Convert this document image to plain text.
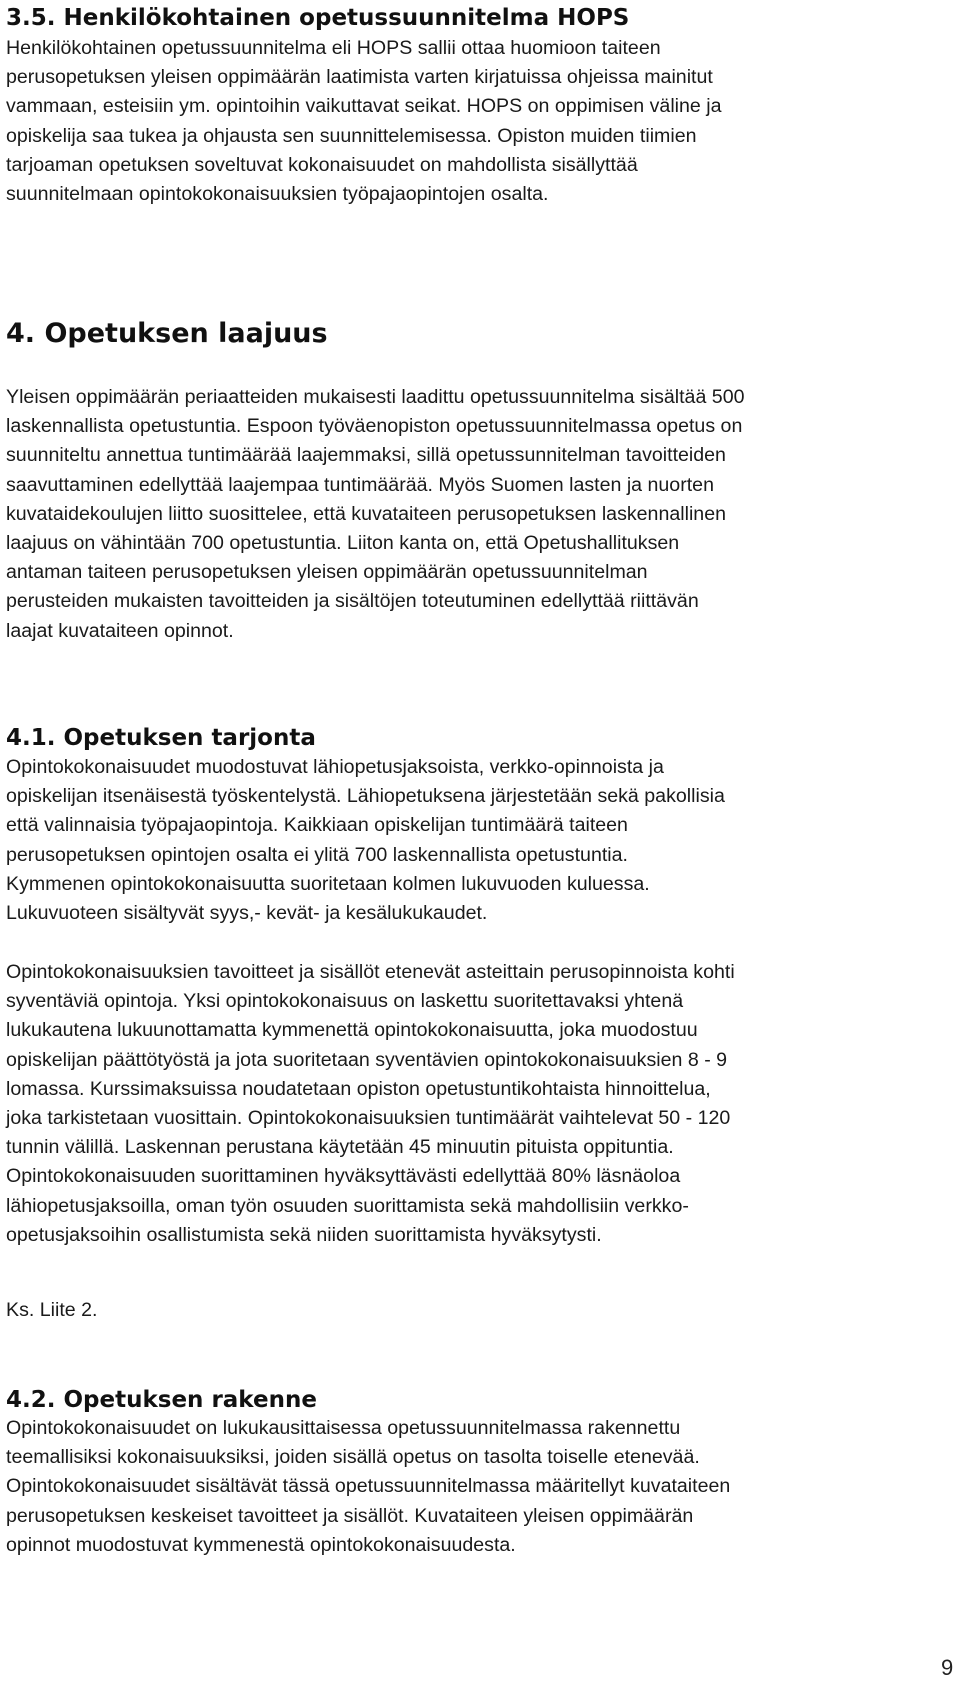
3.5. Henkilökohtainen opetussuunnitelma HOPS

Henkilökohtainen opetussuunnitelma eli HOPS sallii ottaa huomioon taiteen
perusopetuksen yleisen oppimäärän laatimista varten kirjatuissa ohjeissa mainitut
vammaan, esteisiin ym. opintoihin vaikuttavat seikat. HOPS on oppimisen väline ja
opiskelija saa tukea ja ohjausta sen suunnittelemisessa. Opiston muiden tiimien
tarjoaman opetuksen soveltuvat kokonaisuudet on mahdollista sisällyttää
suunnitelmaan opintokokonaisuuksien työpajaopintojen osalta.

4. Opetuksen laajuus

Yleisen oppimäärän periaatteiden mukaisesti laadittu opetussuunnitelma sisältää 500
laskennallista opetustuntia. Espoon työväenopiston opetussuunnitelmassa opetus on
suunniteltu annettua tuntimäärää laajemmaksi, sillä opetussunnitelman tavoitteiden
saavuttaminen edellyttää laajempaa tuntimäärää. Myös Suomen lasten ja nuorten
kuvataidekoulujen liitto suosittelee, että kuvataiteen perusopetuksen laskennallinen
laajuus on vähintään 700 opetustuntia. Liiton kanta on, että Opetushallituksen
antaman taiteen perusopetuksen yleisen oppimäärän opetussuunnitelman
perusteiden mukaisten tavoitteiden ja sisältöjen toteutuminen edellyttää riittävän
laajat kuvataiteen opinnot.

4.1. Opetuksen tarjonta

Opintokokonaisuudet muodostuvat lähiopetusjaksoista, verkko-opinnoista ja
opiskelijan itsenäisestä työskentelystä. Lähiopetuksena järjestetään sekä pakollisia
että valinnaisia työpajaopintoja. Kaikkiaan opiskelijan tuntimäärä taiteen
perusopetuksen opintojen osalta ei ylitä 700 laskennallista opetustuntia.
Kymmenen opintokokonaisuutta suoritetaan kolmen lukuvuoden kuluessa.
Lukuvuoteen sisältyvät syys,- kevät- ja kesälukukaudet.

Opintokokonaisuuksien tavoitteet ja sisällöt etenevät asteittain perusopinnoista kohti
syventäviä opintoja. Yksi opintokokonaisuus on laskettu suoritettavaksi yhtenä
lukukautena lukuunottamatta kymmenettä opintokokonaisuutta, joka muodostuu
opiskelijan päättötyöstä ja jota suoritetaan syventävien opintokokonaisuuksien 8 - 9
lomassa. Kurssimaksuissa noudatetaan opiston opetustuntikohtaista hinnoittelua,
joka tarkistetaan vuosittain. Opintokokonaisuuksien tuntimäärät vaihtelevat 50 - 120
tunnin välillä. Laskennan perustana käytetään 45 minuutin pituista oppituntia.
Opintokokonaisuuden suorittaminen hyväksyttävästi edellyttää 80% läsnäoloa
lähiopetusjaksoilla, oman työn osuuden suorittamista sekä mahdollisiin verkko-
opetusjaksoihin osallistumista sekä niiden suorittamista hyväksytysti.

Ks. Liite 2.

4.2. Opetuksen rakenne

Opintokokonaisuudet on lukukausittaisessa opetussuunnitelmassa rakennettu
teemallisiksi kokonaisuuksiksi, joiden sisällä opetus on tasolta toiselle etenevää.
Opintokokonaisuudet sisältävät tässä opetussuunnitelmassa määritellyt kuvataiteen
perusopetuksen keskeiset tavoitteet ja sisällöt. Kuvataiteen yleisen oppimäärän
opinnot muodostuvat kymmenestä opintokokonaisuudesta.

9
